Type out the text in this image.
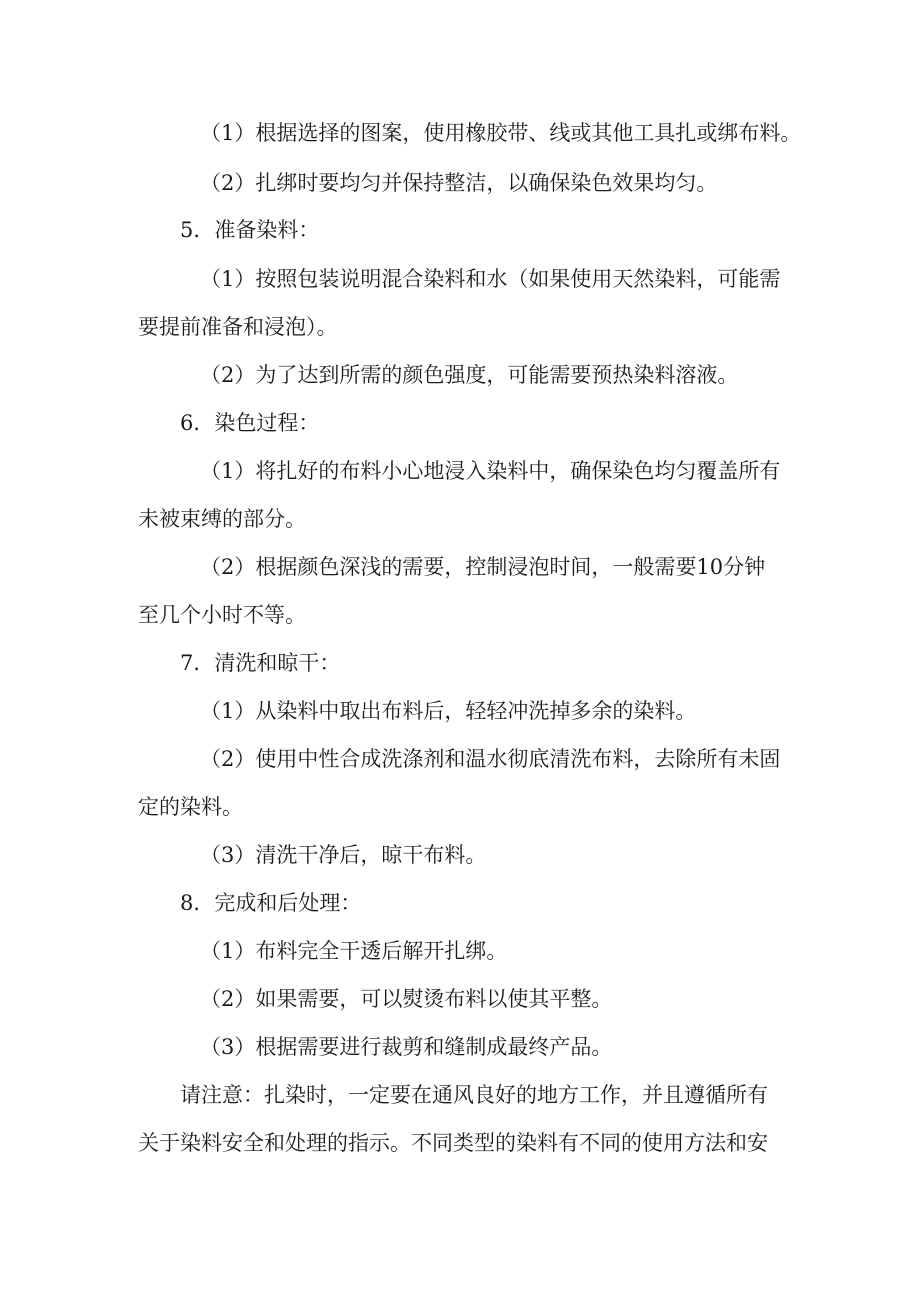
（1）根据选择的图案，使用橡胶带、线或其他工具扎或绑布料。
（2）扎绑时要均匀并保持整洁，以确保染色效果均匀。
5．准备染料：
（1）按照包装说明混合染料和水（如果使用天然染料，可能需
要提前准备和浸泡）。
（2）为了达到所需的颜色强度，可能需要预热染料溶液。
6．染色过程：
（1）将扎好的布料小心地浸入染料中，确保染色均匀覆盖所有
未被束缚的部分。
（2）根据颜色深浅的需要，控制浸泡时间，一般需要10分钟
至几个小时不等。
7．清洗和晾干：
（1）从染料中取出布料后，轻轻冲洗掉多余的染料。
（2）使用中性合成洗涤剂和温水彻底清洗布料，去除所有未固
定的染料。
（3）清洗干净后，晾干布料。
8．完成和后处理：
（1）布料完全干透后解开扎绑。
（2）如果需要，可以熨烫布料以使其平整。
（3）根据需要进行裁剪和缝制成最终产品。
请注意：扎染时，一定要在通风良好的地方工作，并且遵循所有
关于染料安全和处理的指示。不同类型的染料有不同的使用方法和安
